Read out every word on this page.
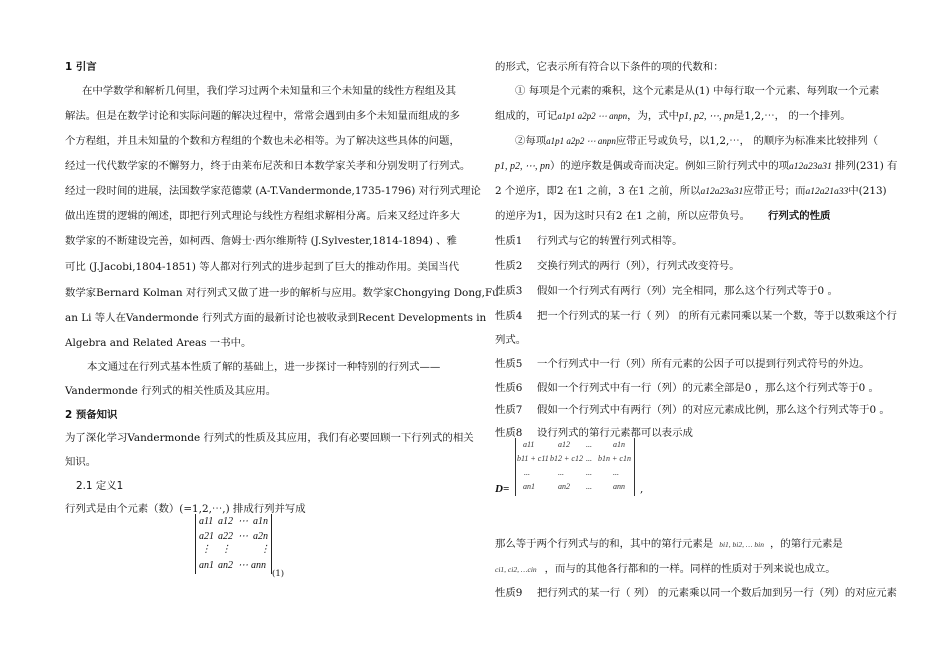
1 引言

在中学数学和解析几何里，我们学习过两个未知量和三个未知量的线性方程组及其

解法。但是在数学讨论和实际问题的解决过程中，常常会遇到由多个未知量而组成的多

个方程组，并且未知量的个数和方程组的个数也未必相等。为了解决这些具体的问题，

经过一代代数学家的不懈努力，终于由莱布尼茨和日本数学家关孝和分别发明了行列式。

经过一段时间的进展，法国数学家范德蒙 (A-T.Vandermonde,1735-1796) 对行列式理论

做出连贯的逻辑的阐述，即把行列式理论与线性方程组求解相分离。后来又经过许多大

数学家的不断建设完善，如柯西、詹姆士·西尔维斯特 (J.Sylvester,1814-1894) 、雅

可比 (J.Jacobi,1804-1851) 等人都对行列式的进步起到了巨大的推动作用。美国当代

数学家Bernard Kolman 对行列式又做了进一步的解析与应用。数学家Chongying Dong,Fu-

an Li 等人在Vandermonde 行列式方面的最新讨论也被收录到Recent Developments in

Algebra and Related Areas 一书中。

本文通过在行列式基本性质了解的基础上，进一步探讨一种特别的行列式——

Vandermonde 行列式的相关性质及其应用。

2 预备知识

为了深化学习Vandermonde 行列式的性质及其应用，我们有必要回顾一下行列式的相关

知识。

2.1 定义1

行列式是由个元素（数）(=1,2,⋯,) 排成行列并写成

a11 a12 ⋯ a1n
a21 a22 ⋯ a2n
⋮ ⋮	⋮
an1 an2 ⋯ ann

(1)

的形式，它表示所有符合以下条件的项的代数和：

① 每项是个元素的乘积，这个元素是从(1) 中每行取一个元素、每列取一个元素

组成的，可记a1p1 a2p2 ⋯ anpn，为，式中p1, p2, ⋯, pn是1,2,⋯， 的一个排列。

②每项a1p1 a2p2 ⋯ anpn应带正号或负号，以1,2,⋯， 的顺序为标准来比较排列（

p1, p2, ⋯, pn）的逆序数是偶或奇而决定。例如三阶行列式中的项a12a23a31 排列(231) 有

2 个逆序，即2 在1 之前，3 在1 之前，所以a12a23a31应带正号；而a12a21a33中(213)

的逆序为1，因为这时只有2 在1 之前，所以应带负号。 行列式的性质

性质1 行列式与它的转置行列式相等。

性质2 交换行列式的两行（列），行列式改变符号。

性质3 假如一个行列式有两行（列）完全相同，那么这个行列式等于0 。

性质4 把一个行列式的某一行（ 列） 的所有元素同乘以某一个数，等于以数乘这个行

列式。

性质5 一个行列式中一行（列）所有元素的公因子可以提到行列式符号的外边。

性质6 假如一个行列式中有一行（列）的元素全部是0 ，那么这个行列式等于0 。

性质7 假如一个行列式中有两行（列）的对应元素成比例，那么这个行列式等于0 。

性质8 设行列式的第行元素都可以表示成

D=

a11	a12 ...	a1n
b11 + c11 b12 + c12 ... b1n + c1n
...	...	...	...
an1	an2 ...	ann ,

那么等于两个行列式与的和，其中的第行元素是 bi1, bi2, … bin ，的第行元素是

ci1, ci2, …cin ，而与的其他各行都和的一样。同样的性质对于列来说也成立。

性质9 把行列式的某一行（ 列） 的元素乘以同一个数后加到另一行（列）的对应元素
